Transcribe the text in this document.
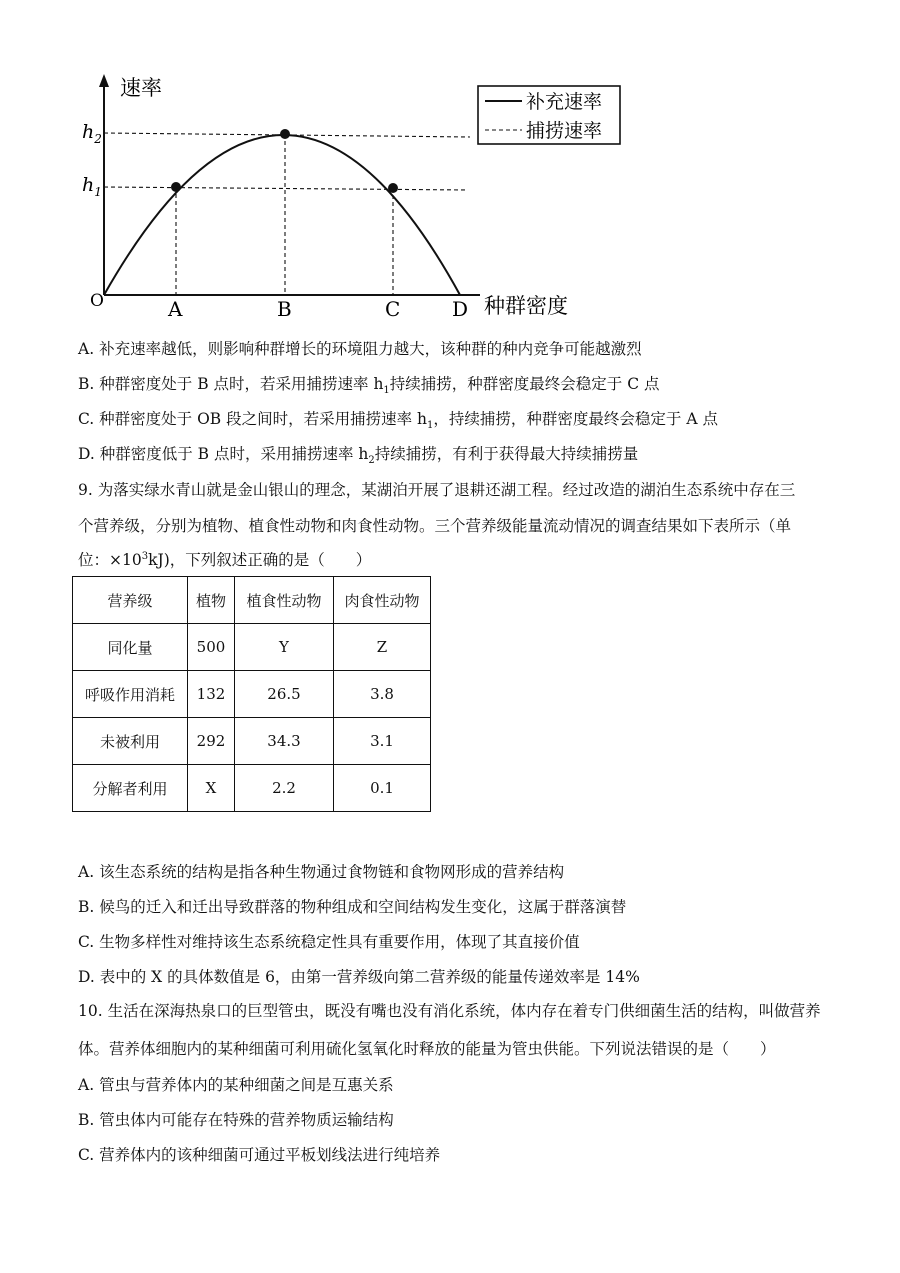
速率
种群密度
O
$h_2$
$h_1$
A	B	C	D
补充速率
捕捞速率
A. 补充速率越低，则影响种群增长的环境阻力越大，该种群的种内竞争可能越激烈
B. 种群密度处于 B 点时，若采用捕捞速率 $h_1$持续捕捞，种群密度最终会稳定于 C 点
C. 种群密度处于 OB 段之间时，若采用捕捞速率 $h_1$，持续捕捞，种群密度最终会稳定于 A 点
D. 种群密度低于 B 点时，采用捕捞速率 $h_2$持续捕捞，有利于获得最大持续捕捞量
9. 为落实绿水青山就是金山银山的理念，某湖泊开展了退耕还湖工程。经过改造的湖泊生态系统中存在三
个营养级，分别为植物、植食性动物和肉食性动物。三个营养级能量流动情况的调查结果如下表所示（单
位：$\times 10^3kJ$)，下列叙述正确的是（　　）
营养级	植物	植食性动物	肉食性动物
同化量	500	Y	Z
呼吸作用消耗	132	26.5	3.8
未被利用	292	34.3	3.1
分解者利用	X	2.2	0.1
A. 该生态系统的结构是指各种生物通过食物链和食物网形成的营养结构
B. 候鸟的迁入和迁出导致群落的物种组成和空间结构发生变化，这属于群落演替
C. 生物多样性对维持该生态系统稳定性具有重要作用，体现了其直接价值
D. 表中的 X 的具体数值是 6，由第一营养级向第二营养级的能量传递效率是 14%
10. 生活在深海热泉口的巨型管虫，既没有嘴也没有消化系统，体内存在着专门供细菌生活的结构，叫做营养体。营养体细胞内的某种细菌可利用硫化氢氧化时释放的能量为管虫供能。下列说法错误的是（　　）
A. 管虫与营养体内的某种细菌之间是互惠关系
B. 管虫体内可能存在特殊的营养物质运输结构
C. 营养体内的该种细菌可通过平板划线法进行纯培养
